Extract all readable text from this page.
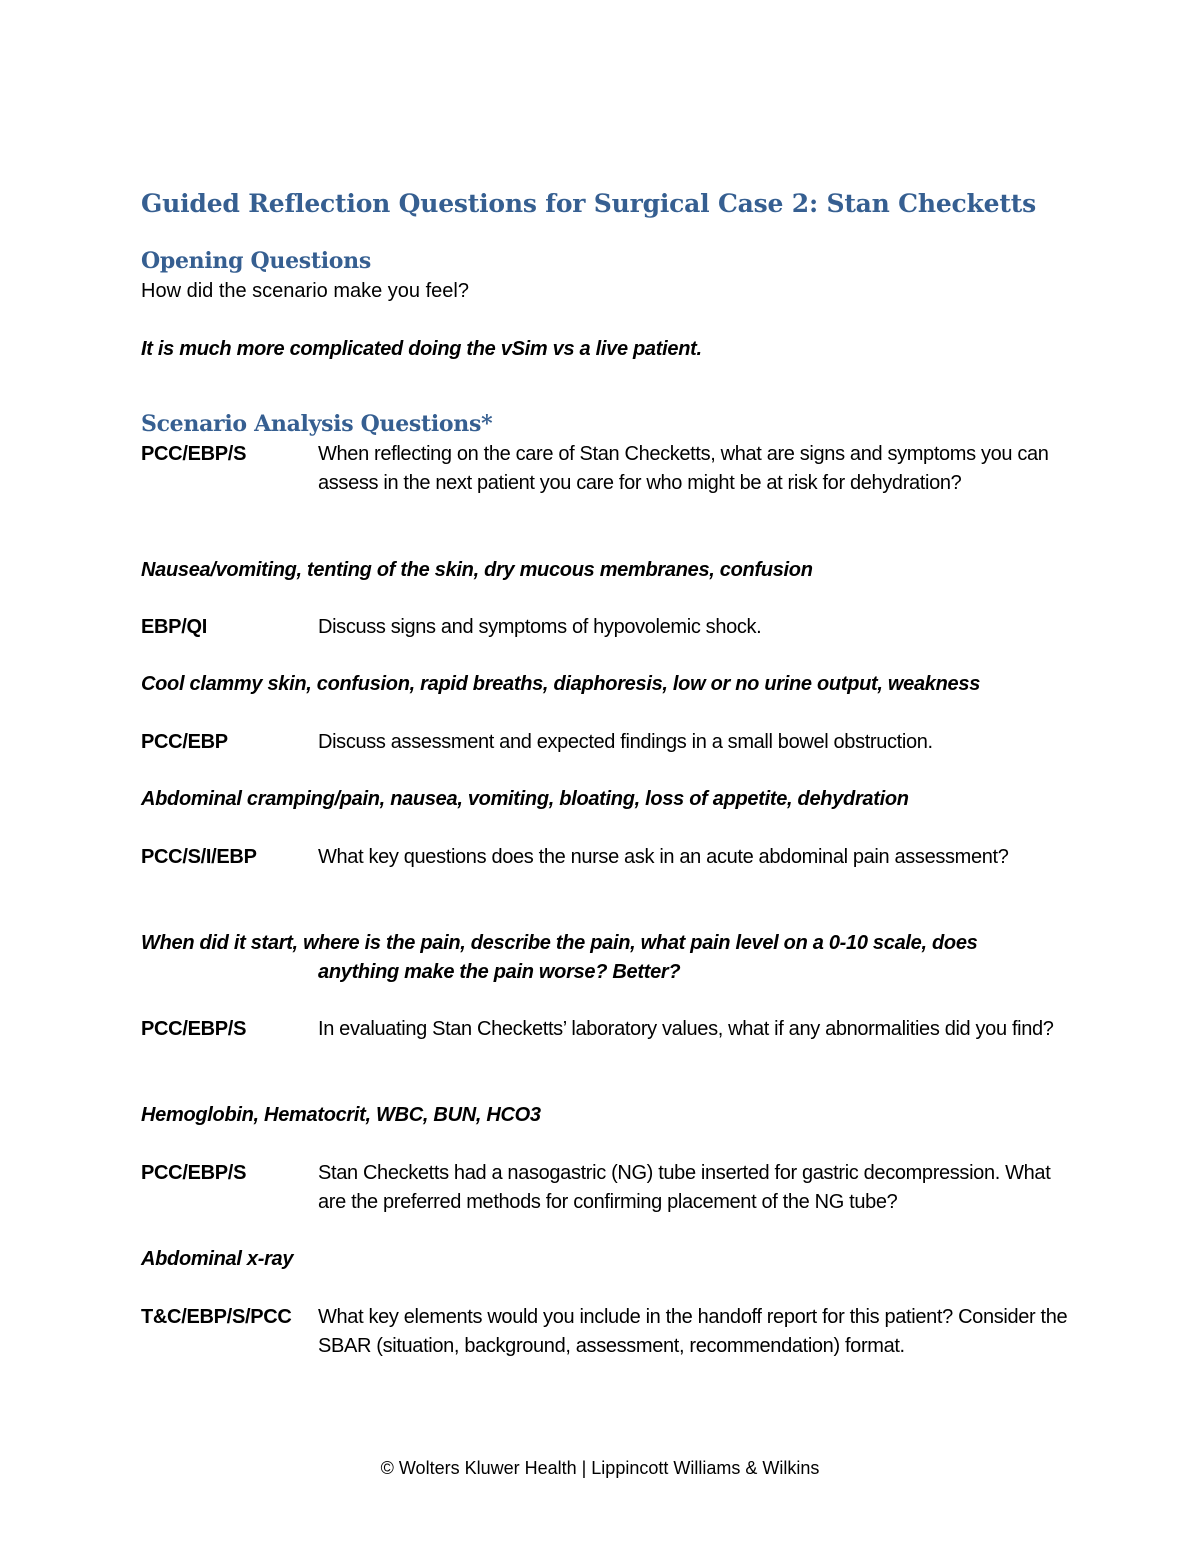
Guided Reflection Questions for Surgical Case 2: Stan Checketts
Opening Questions

How did the scenario make you feel?

It is much more complicated doing the vSim vs a live patient.

Scenario Analysis Questions*
PCC/EBP/S	When reflecting on the care of Stan Checketts, what are signs and symptoms you can assess in the next patient you care for who might be at risk for dehydration?

Nausea/vomiting, tenting of the skin, dry mucous membranes, confusion

EBP/QI	Discuss signs and symptoms of hypovolemic shock.

Cool clammy skin, confusion, rapid breaths, diaphoresis, low or no urine output, weakness

PCC/EBP	Discuss assessment and expected findings in a small bowel obstruction.

Abdominal cramping/pain, nausea, vomiting, bloating, loss of appetite, dehydration

PCC/S/I/EBP	What key questions does the nurse ask in an acute abdominal pain assessment?

When did it start, where is the pain, describe the pain, what pain level on a 0-10 scale, does
anything make the pain worse? Better?

PCC/EBP/S	In evaluating Stan Checketts’ laboratory values, what if any abnormalities did you find?

Hemoglobin, Hematocrit, WBC, BUN, HCO3

PCC/EBP/S	Stan Checketts had a nasogastric (NG) tube inserted for gastric decompression. What are the preferred methods for confirming placement of the NG tube?

Abdominal x-ray

T&C/EBP/S/PCC	What key elements would you include in the handoff report for this patient? Consider the SBAR (situation, background, assessment, recommendation) format.
© Wolters Kluwer Health | Lippincott Williams & Wilkins
